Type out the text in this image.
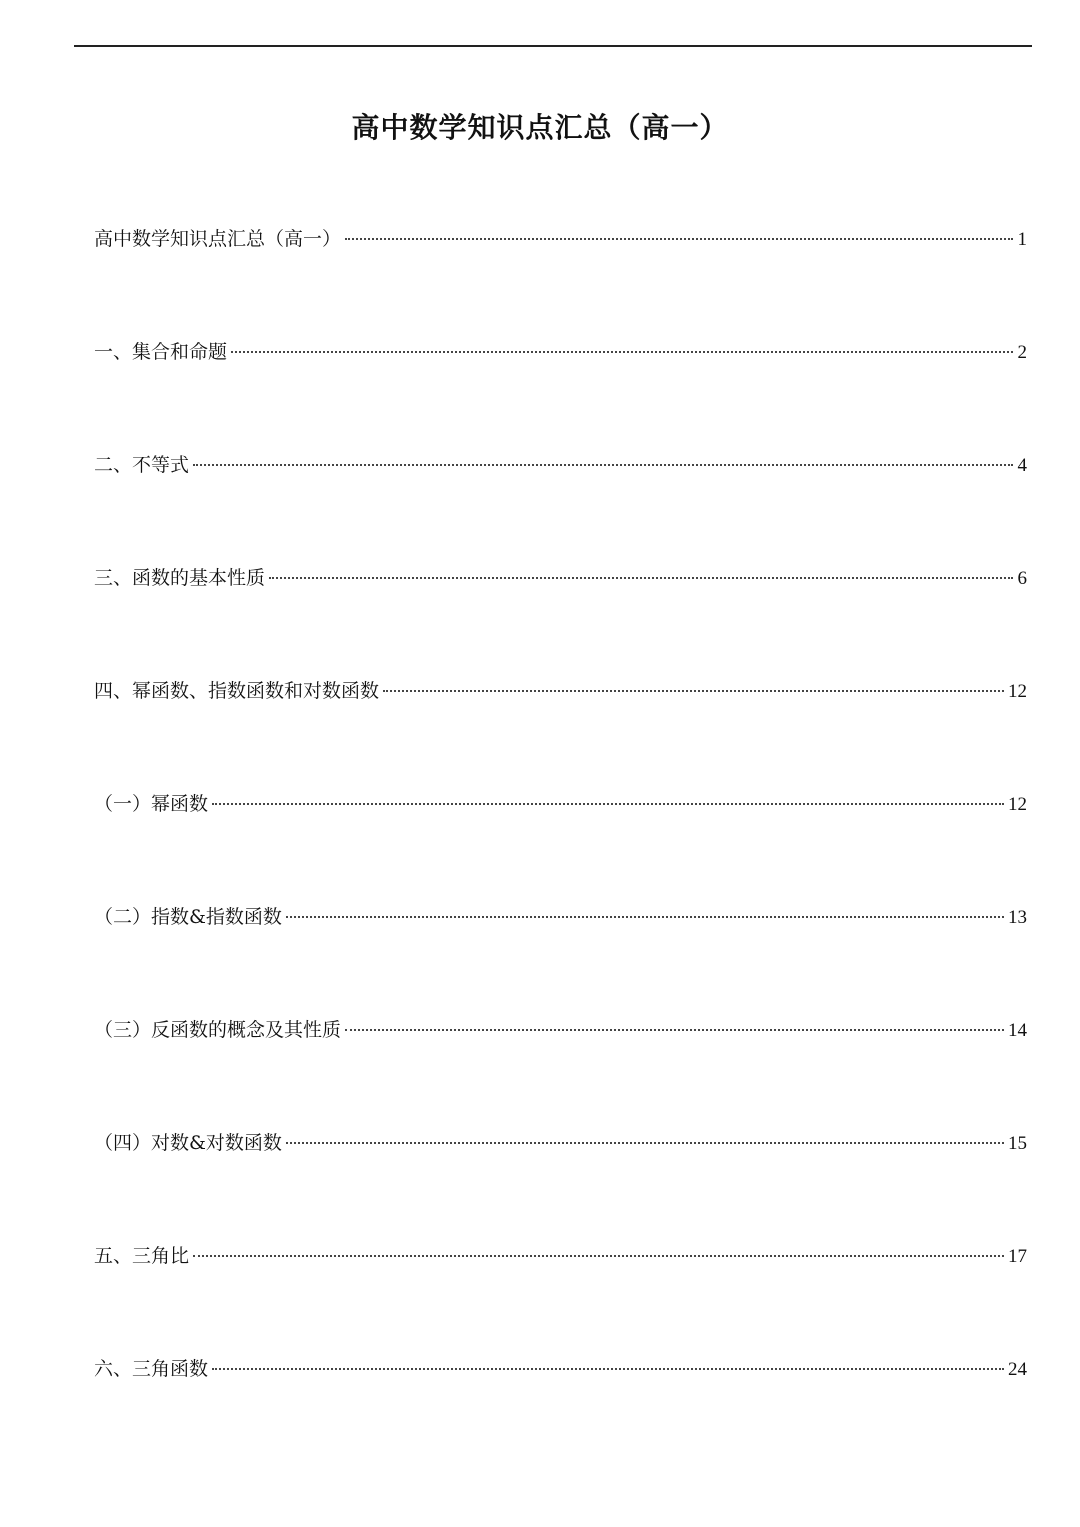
高中数学知识点汇总（高一）
高中数学知识点汇总（高一）	1
一、集合和命题	2
二、不等式	4
三、函数的基本性质	6
四、幂函数、指数函数和对数函数	12
（一）幂函数	12
（二）指数&指数函数	13
（三）反函数的概念及其性质	14
（四）对数&对数函数	15
五、三角比	17
六、三角函数	24
